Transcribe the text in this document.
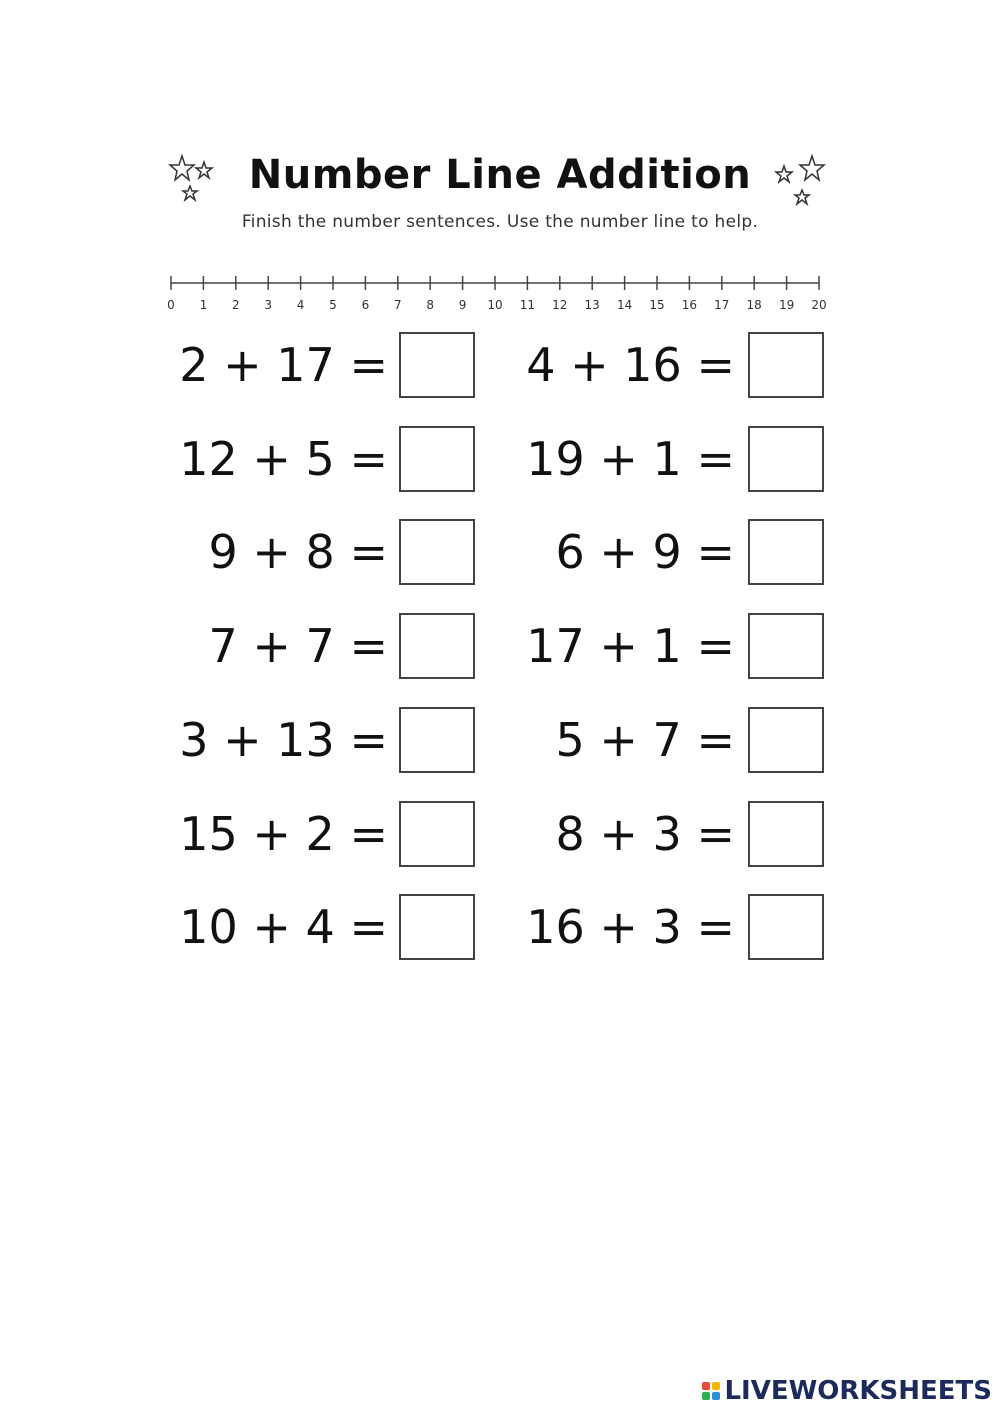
Number Line Addition
Finish the number sentences. Use the number line to help.
0 1 2 3 4 5 6 7 8 9 10 11 12 13 14 15 16 17 18 19 20
2 + 17 =
12 + 5 =
9 + 8 =
7 + 7 =
3 + 13 =
15 + 2 =
10 + 4 =
4 + 16 =
19 + 1 =
6 + 9 =
17 + 1 =
5 + 7 =
8 + 3 =
16 + 3 =
LIVEWORKSHEETS
